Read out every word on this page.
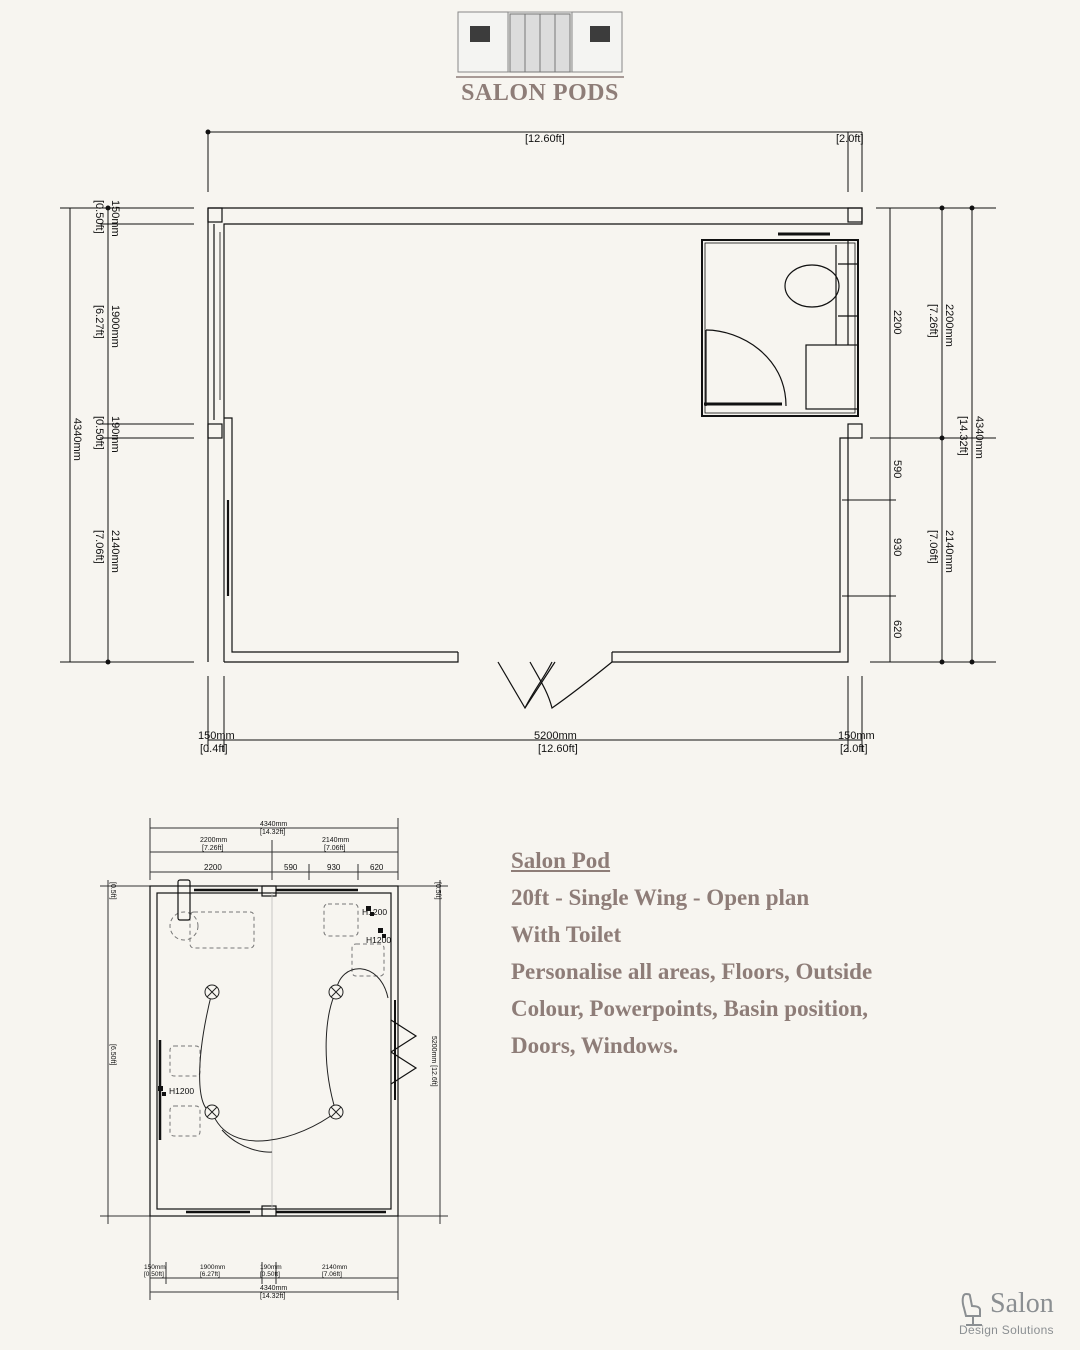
SALON PODS
[12.60ft]	[2.0ft]
150mm
[0.50ft]
1900mm
[6.27ft]
190mm
[0.50ft]
2140mm
[7.06ft]
4340mm
2200
590
930
620
2200mm
[7.26ft]
2140mm
[7.06ft]
4340mm
[14.32ft]
150mm
[0.4ft]
5200mm
[12.60ft]
150mm
[2.0ft]
4340mm
[14.32ft]
2200mm
[7.26ft]
2140mm
[7.06ft]
4340mm
[14.32ft]
[6.50ft]	5200mm [12.6ft]
[0.5ft]	[0.5ft]
H1200
H1200
H1200
2200	590	930	620
150mm
[0.50ft]
1900mm
[6.27ft]
190mm
[0.50ft]
2140mm
[7.06ft]
Salon Pod
20ft - Single Wing - Open plan
With Toilet
Personalise all areas, Floors, Outside
Colour, Powerpoints, Basin position,
Doors, Windows.
Salon
Design Solutions
